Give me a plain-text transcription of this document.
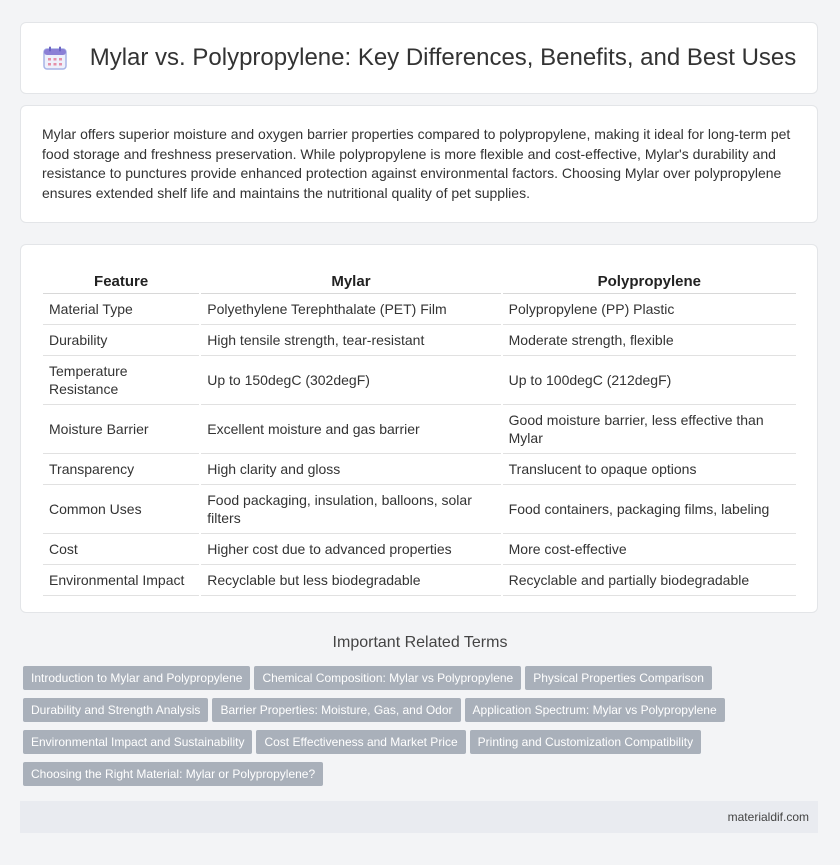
Mylar vs. Polypropylene: Key Differences, Benefits, and Best Uses

Mylar offers superior moisture and oxygen barrier properties compared to polypropylene, making it ideal for long-term pet food storage and freshness preservation. While polypropylene is more flexible and cost-effective, Mylar's durability and resistance to punctures provide enhanced protection against environmental factors. Choosing Mylar over polypropylene ensures extended shelf life and maintains the nutritional quality of pet supplies.

Feature	Mylar	Polypropylene
Material Type	Polyethylene Terephthalate (PET) Film	Polypropylene (PP) Plastic
Durability	High tensile strength, tear-resistant	Moderate strength, flexible
Temperature Resistance	Up to 150degC (302degF)	Up to 100degC (212degF)
Moisture Barrier	Excellent moisture and gas barrier	Good moisture barrier, less effective than Mylar
Transparency	High clarity and gloss	Translucent to opaque options
Common Uses	Food packaging, insulation, balloons, solar filters	Food containers, packaging films, labeling
Cost	Higher cost due to advanced properties	More cost-effective
Environmental Impact	Recyclable but less biodegradable	Recyclable and partially biodegradable
Important Related Terms
Introduction to Mylar and Polypropylene Chemical Composition: Mylar vs Polypropylene Physical Properties Comparison
Durability and Strength Analysis Barrier Properties: Moisture, Gas, and Odor Application Spectrum: Mylar vs Polypropylene
Environmental Impact and Sustainability Cost Effectiveness and Market Price Printing and Customization Compatibility
Choosing the Right Material: Mylar or Polypropylene?
materialdif.com
